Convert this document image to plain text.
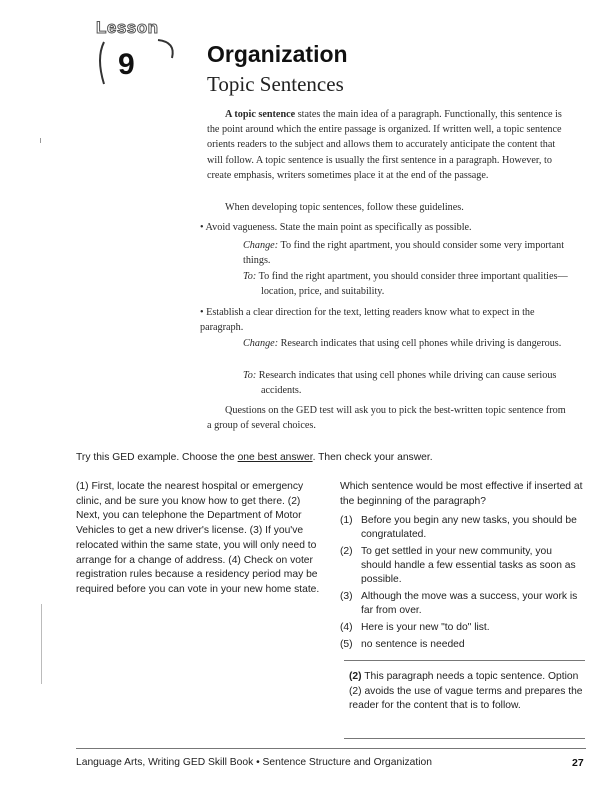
Lesson
9	Organization
Topic Sentences

A topic sentence states the main idea of a paragraph. Functionally, this sentence is the point around which the entire passage is organized. If written well, a topic sentence orients readers to the subject and allows them to accurately anticipate the content that will follow. A topic sentence is usually the first sentence in a paragraph. However, to create emphasis, writers sometimes place it at the end of the passage.

When developing topic sentences, follow these guidelines.

• Avoid vagueness. State the main point as specifically as possible.

Change: To find the right apartment, you should consider some very important things.

To: To find the right apartment, you should consider three important qualities—location, price, and suitability.

• Establish a clear direction for the text, letting readers know what to expect in the paragraph.

Change: Research indicates that using cell phones while driving is dangerous.

To: Research indicates that using cell phones while driving can cause serious accidents.

Questions on the GED test will ask you to pick the best-written topic sentence from a group of several choices.

Try this GED example. Choose the one best answer. Then check your answer.

(1) First, locate the nearest hospital or emergency clinic, and be sure you know how to get there. (2) Next, you can telephone the Department of Motor Vehicles to get a new driver's license. (3) If you've relocated within the same state, you will only need to arrange for a change of address. (4) Check on voter registration rules because a residency period may be required before you can vote in your new home state.

Which sentence would be most effective if inserted at the beginning of the paragraph?

(1) Before you begin any new tasks, you should be congratulated.
(2) To get settled in your new community, you should handle a few essential tasks as soon as possible.
(3) Although the move was a success, your work is far from over.
(4) Here is your new "to do" list.
(5) no sentence is needed

(2) This paragraph needs a topic sentence. Option (2) avoids the use of vague terms and prepares the reader for the content that is to follow.

Language Arts, Writing GED Skill Book • Sentence Structure and Organization	27
